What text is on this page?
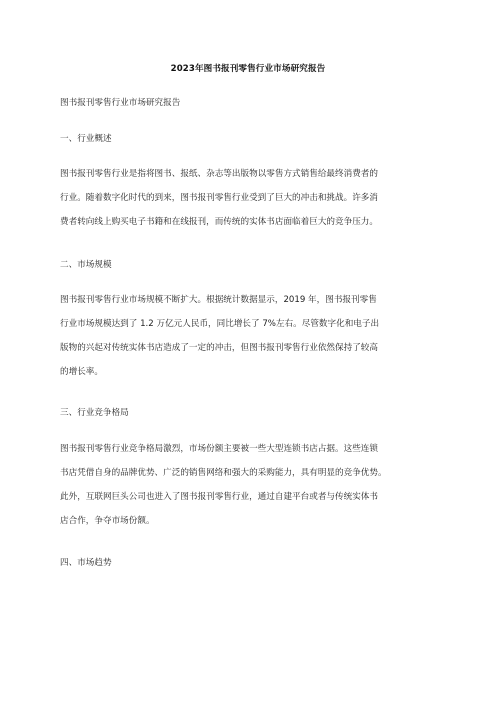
2023年图书报刊零售行业市场研究报告
图书报刊零售行业市场研究报告
一、行业概述
图书报刊零售行业是指将图书、报纸、杂志等出版物以零售方式销售给最终消费者的
行业。随着数字化时代的到来，图书报刊零售行业受到了巨大的冲击和挑战。许多消
费者转向线上购买电子书籍和在线报刊，而传统的实体书店面临着巨大的竞争压力。
二、市场规模
图书报刊零售行业市场规模不断扩大。根据统计数据显示，2019 年，图书报刊零售
行业市场规模达到了 1.2 万亿元人民币，同比增长了 7%左右。尽管数字化和电子出
版物的兴起对传统实体书店造成了一定的冲击，但图书报刊零售行业依然保持了较高
的增长率。
三、行业竞争格局
图书报刊零售行业竞争格局激烈，市场份额主要被一些大型连锁书店占据。这些连锁
书店凭借自身的品牌优势、广泛的销售网络和强大的采购能力，具有明显的竞争优势。
此外，互联网巨头公司也进入了图书报刊零售行业，通过自建平台或者与传统实体书
店合作，争夺市场份额。
四、市场趋势
